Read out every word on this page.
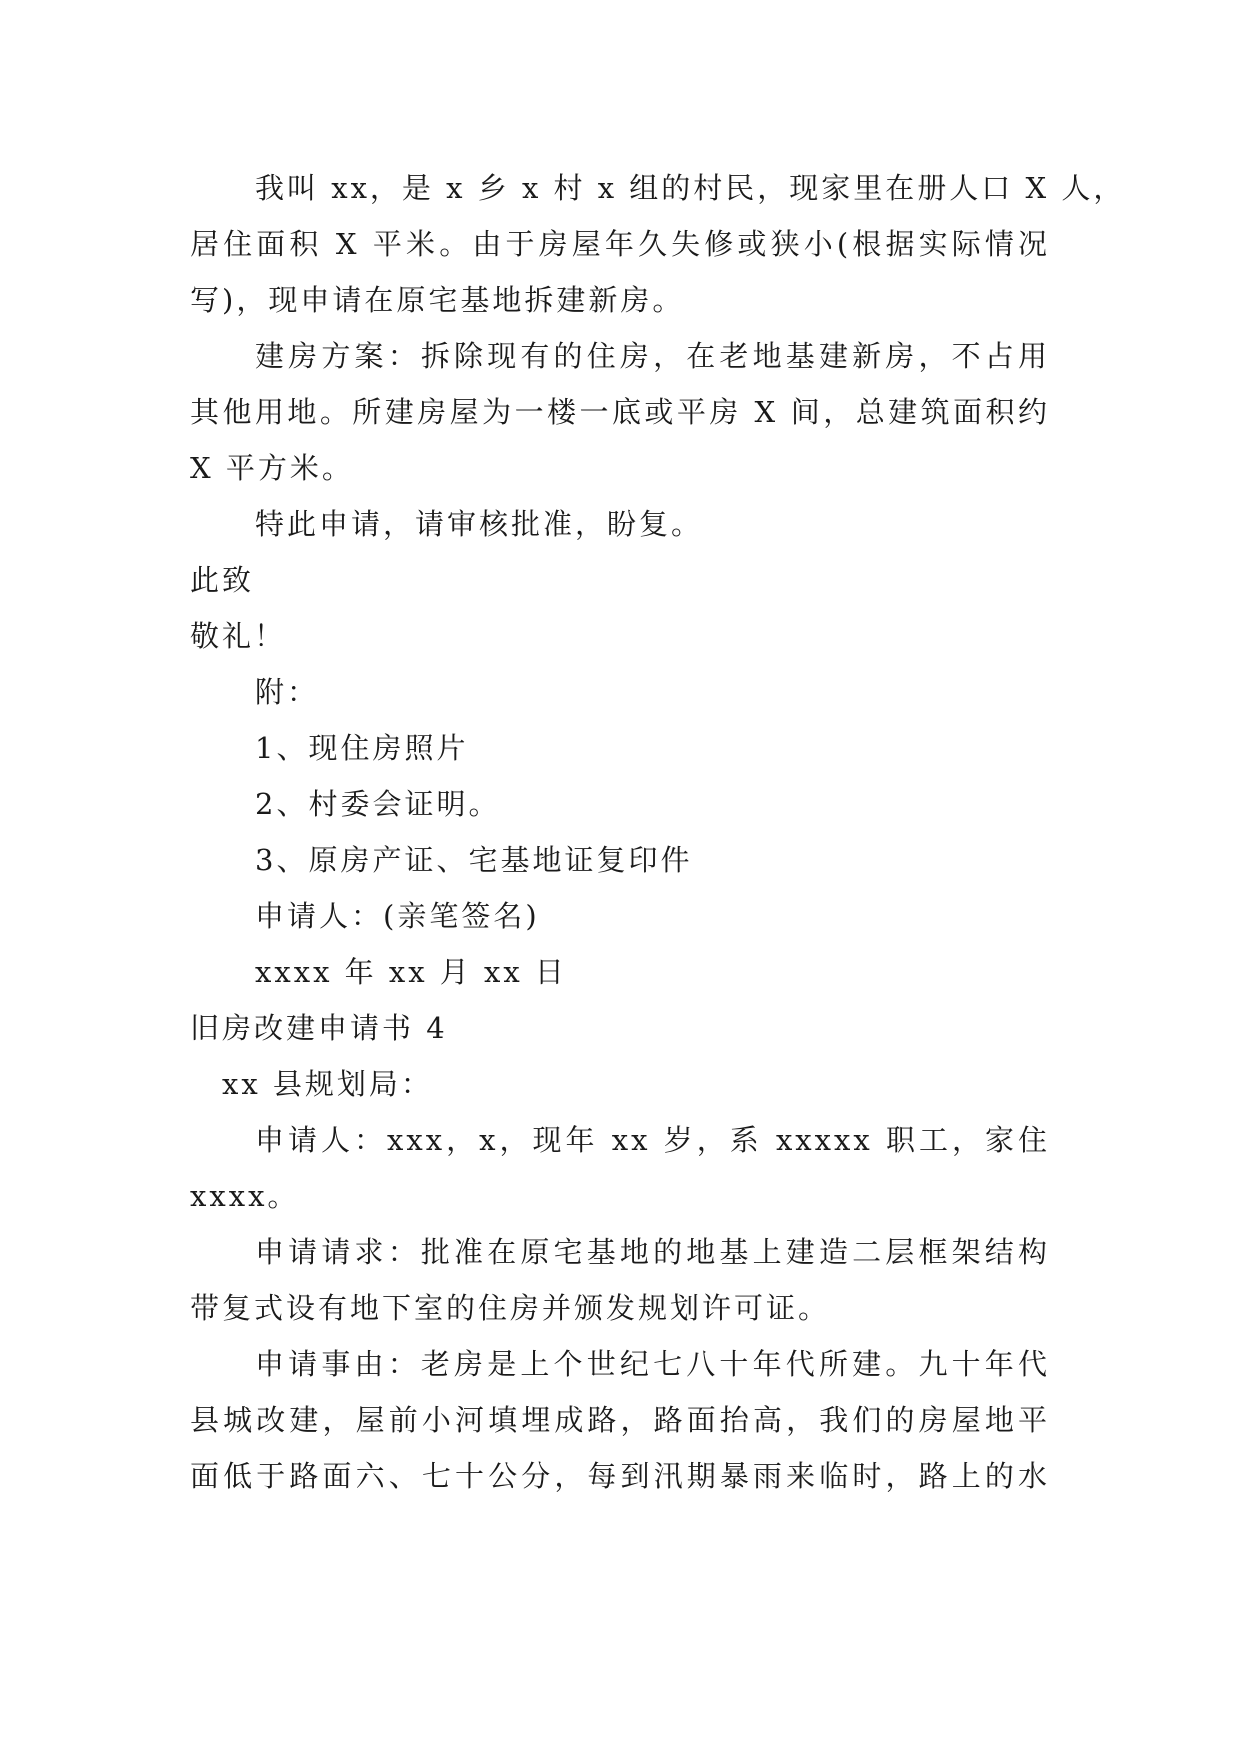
我叫 xx，是 x 乡 x 村 x 组的村民，现家里在册人口 X 人，
居住面积 X 平米。由于房屋年久失修或狭小(根据实际情况
写)，现申请在原宅基地拆建新房。
建房方案：拆除现有的住房，在老地基建新房，不占用
其他用地。所建房屋为一楼一底或平房 X 间，总建筑面积约
X 平方米。
特此申请，请审核批准，盼复。
此致
敬礼！
附：
1、现住房照片
2、村委会证明。
3、原房产证、宅基地证复印件
申请人：(亲笔签名)
xxxx 年 xx 月 xx 日
旧房改建申请书 4
xx 县规划局：
申请人：xxx，x，现年 xx 岁，系 xxxxx 职工，家住
xxxx。
申请请求：批准在原宅基地的地基上建造二层框架结构
带复式设有地下室的住房并颁发规划许可证。
申请事由：老房是上个世纪七八十年代所建。九十年代
县城改建，屋前小河填埋成路，路面抬高，我们的房屋地平
面低于路面六、七十公分，每到汛期暴雨来临时，路上的水
